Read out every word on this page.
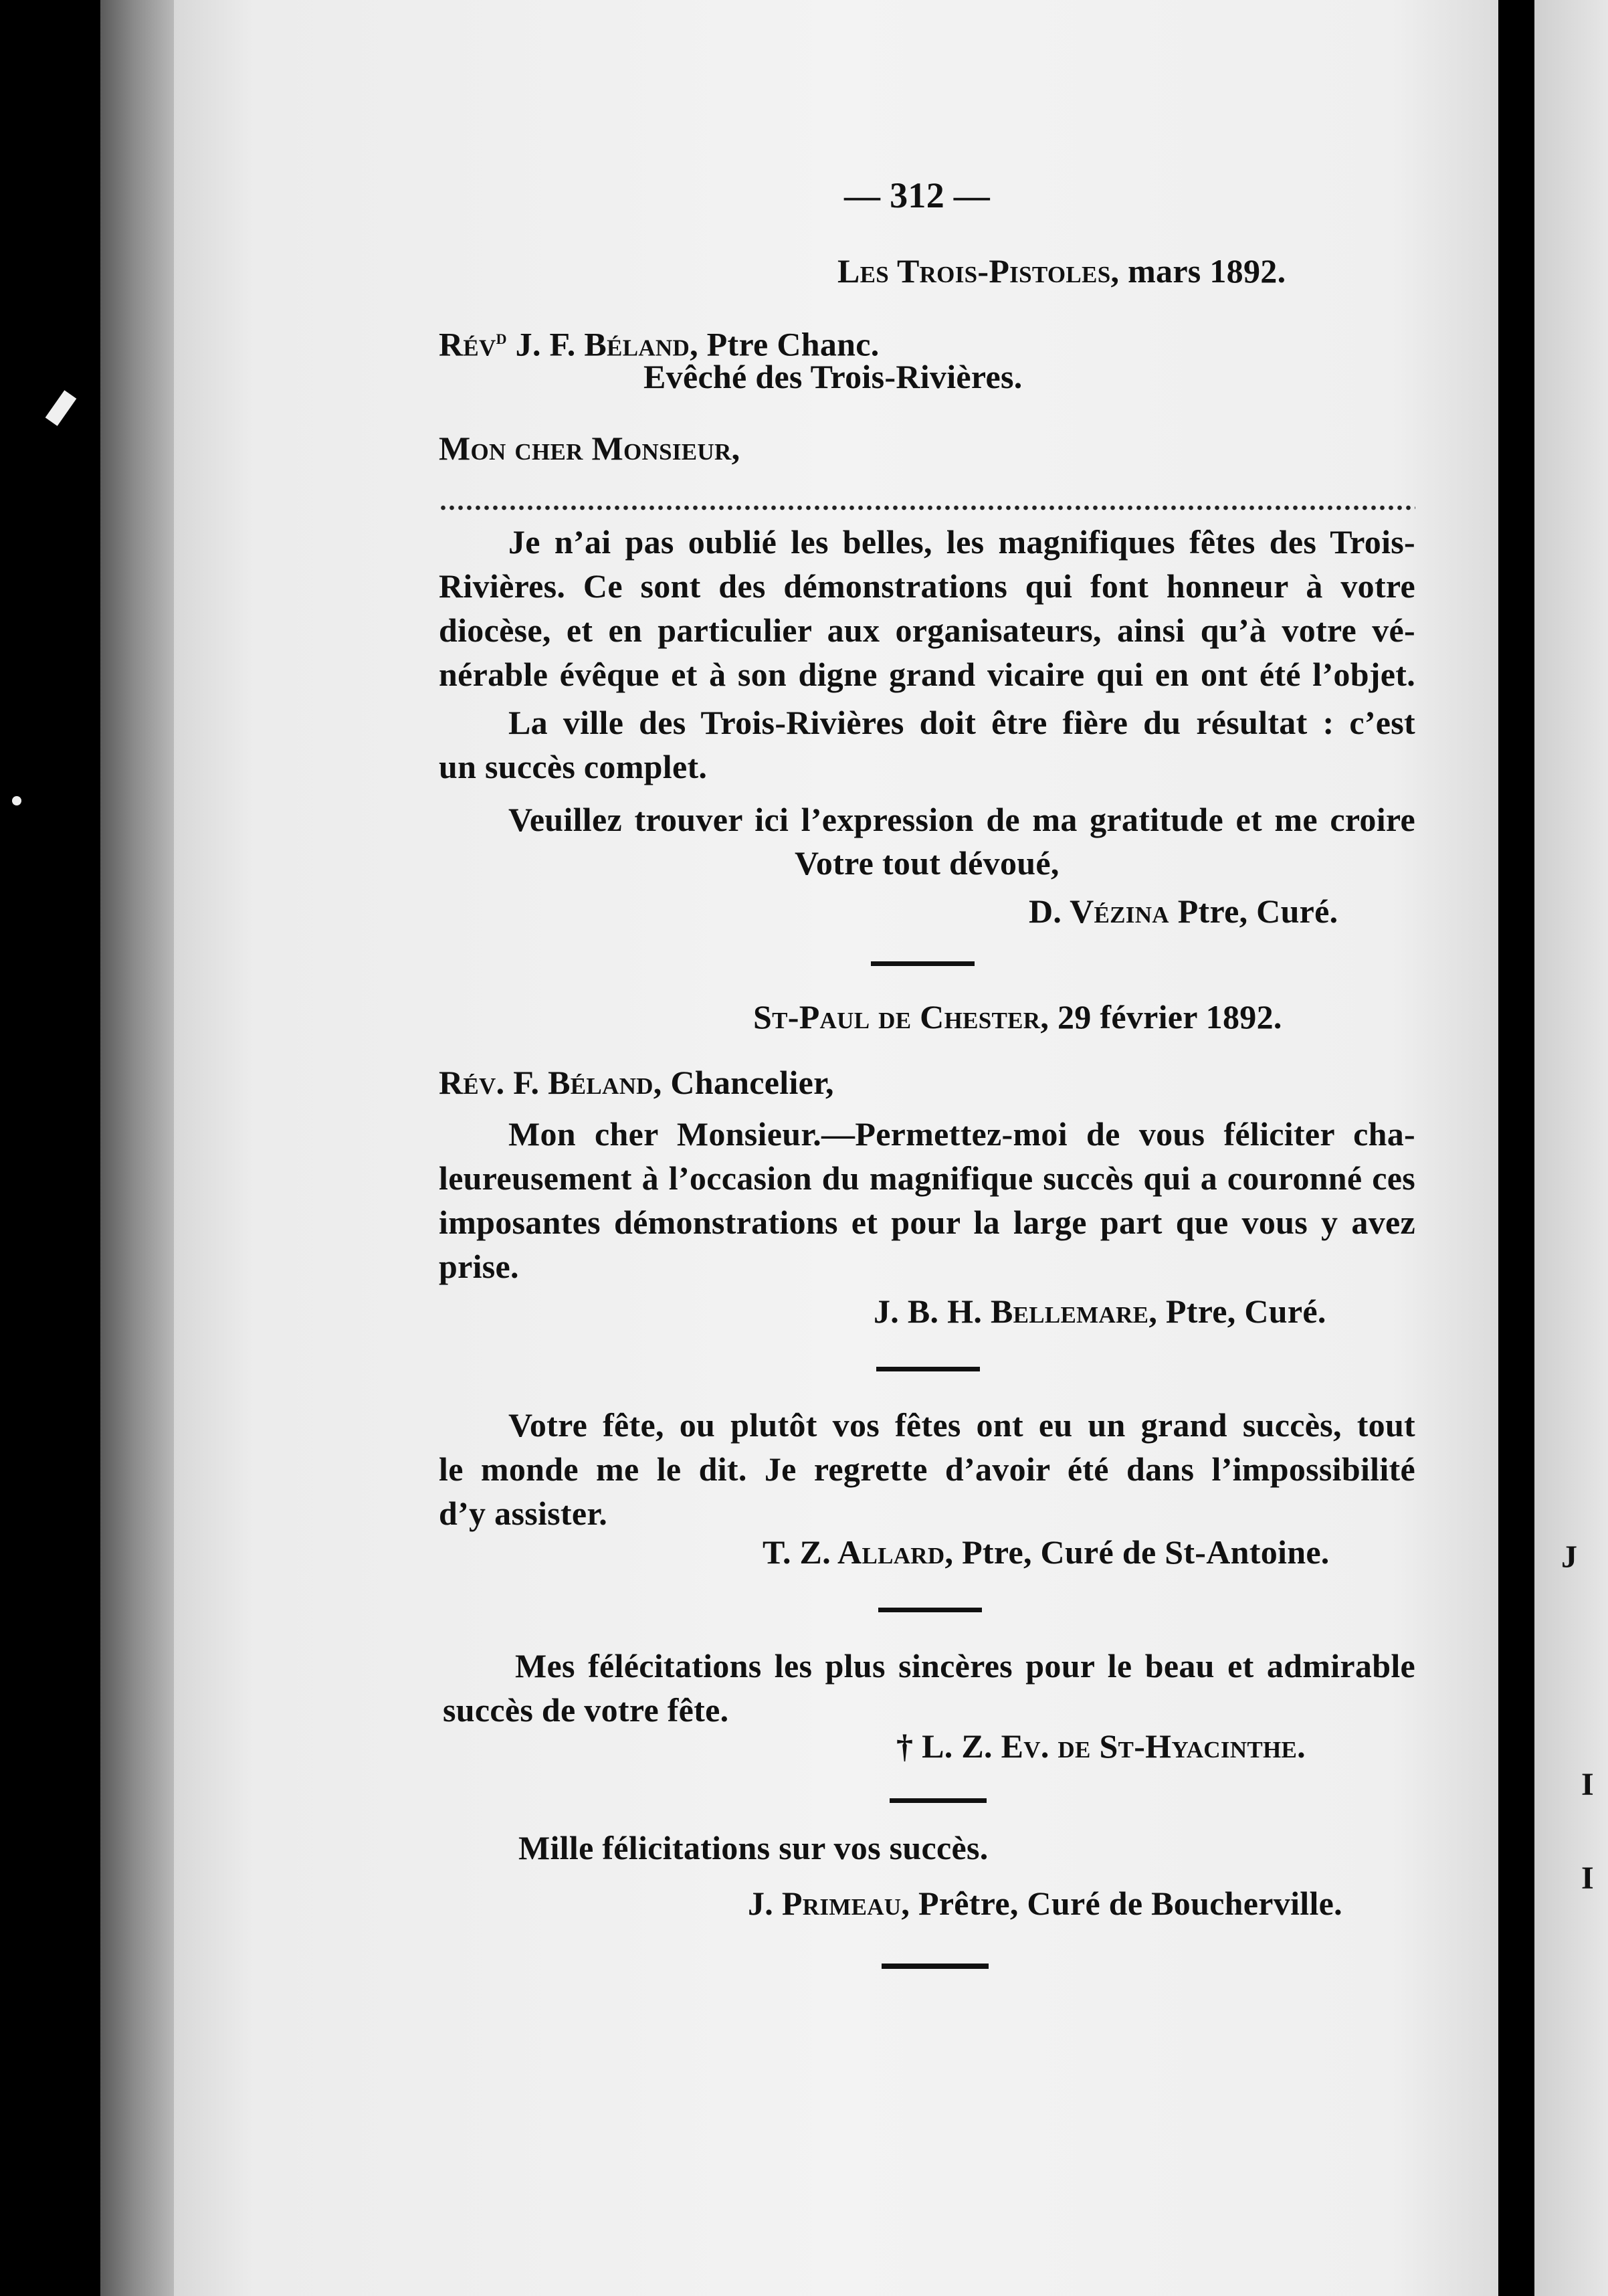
J
I
I
— 312 —
Les Trois-Pistoles, mars 1892.
Rév$^d$ J. F. Béland, Ptre Chanc.
Evêché des Trois-Rivières.
Mon cher Monsieur,
Je n’ai pas oublié les belles, les magnifiques fêtes des Trois-
Rivières. Ce sont des démonstrations qui font honneur à votre
diocèse, et en particulier aux organisateurs, ainsi qu’à votre vé-
nérable évêque et à son digne grand vicaire qui en ont été l’objet.
La ville des Trois-Rivières doit être fière du résultat : c’est
un succès complet.
Veuillez trouver ici l’expression de ma gratitude et me croire
Votre tout dévoué,
D. Vézina Ptre, Curé.
St-Paul de Chester, 29 février 1892.
Rév. F. Béland, Chancelier,
Mon cher Monsieur.—Permettez-moi de vous féliciter cha-
leureusement à l’occasion du magnifique succès qui a couronné ces
imposantes démonstrations et pour la large part que vous y avez
prise.
J. B. H. Bellemare, Ptre, Curé.
Votre fête, ou plutôt vos fêtes ont eu un grand succès, tout
le monde me le dit. Je regrette d’avoir été dans l’impossibilité
d’y assister.
T. Z. Allard, Ptre, Curé de St-Antoine.
Mes félécitations les plus sincères pour le beau et admirable
succès de votre fête.
† L. Z. Ev. de St-Hyacinthe.
Mille félicitations sur vos succès.
J. Primeau, Prêtre, Curé de Boucherville.
